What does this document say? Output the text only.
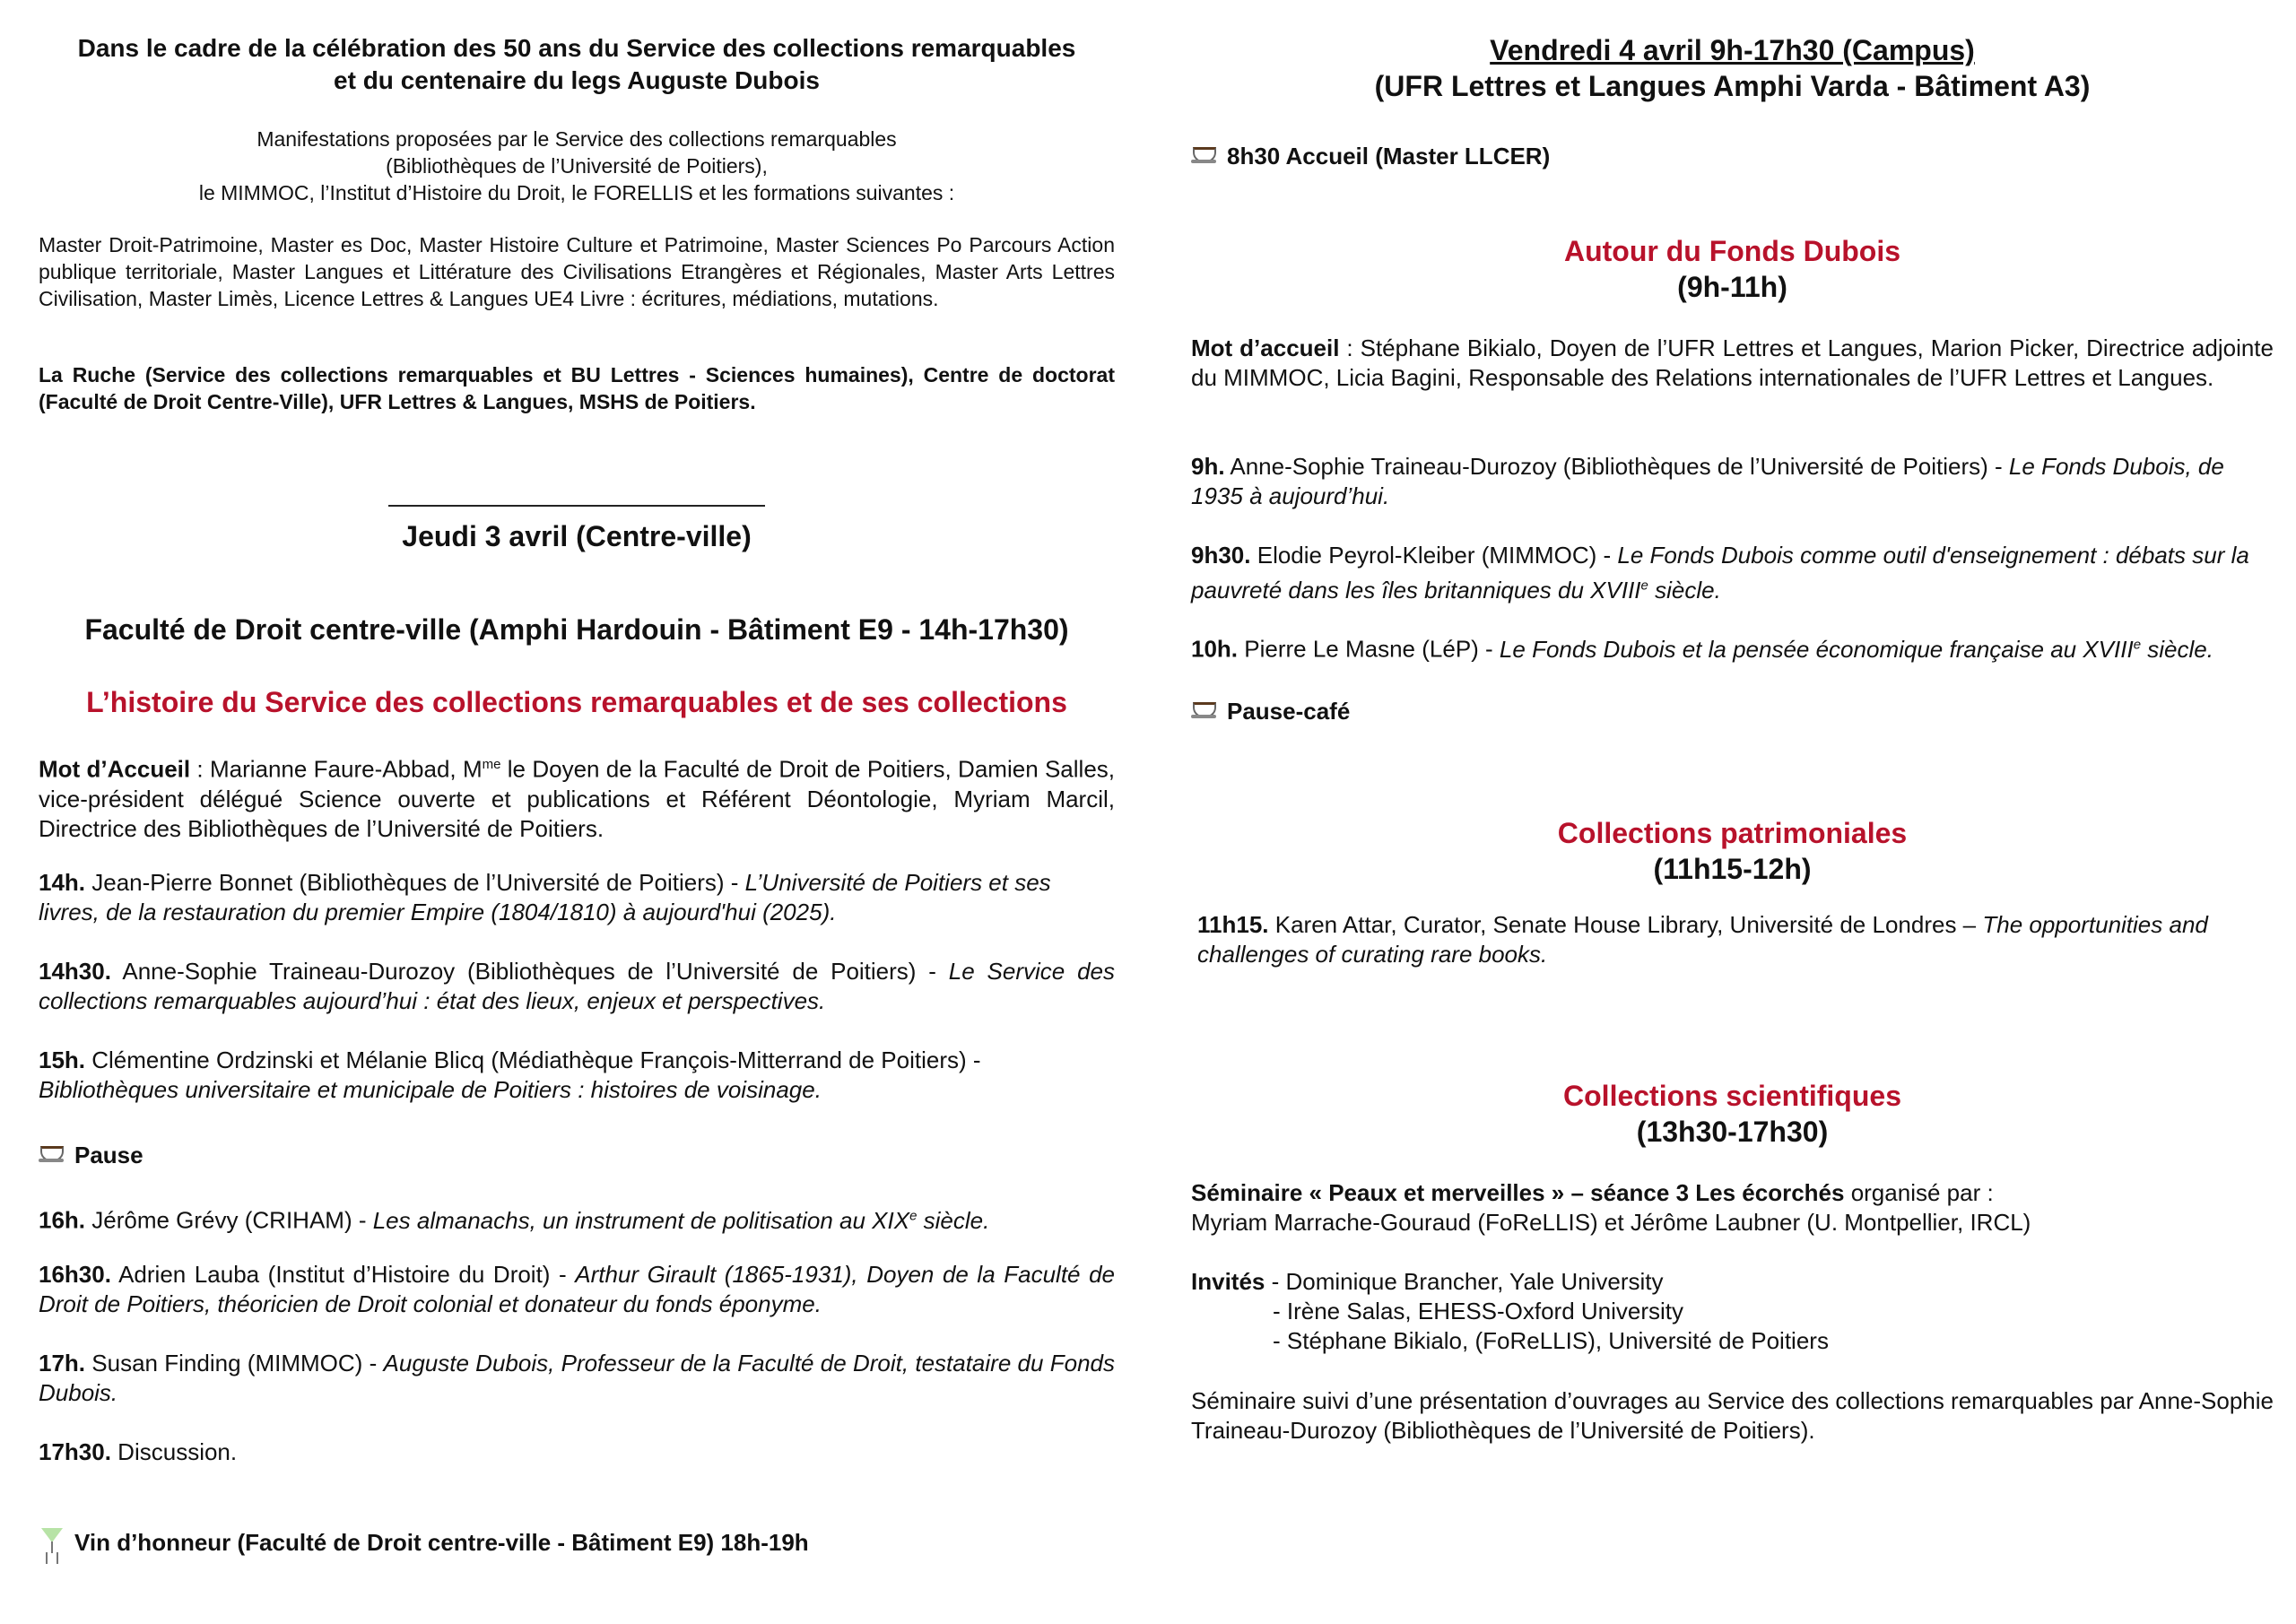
Dans le cadre de la célébration des 50 ans du Service des collections remarquables
et du centenaire du legs Auguste Dubois
Manifestations proposées par le Service des collections remarquables
(Bibliothèques de l’Université de Poitiers),
le MIMMOC, l’Institut d’Histoire du Droit, le FORELLIS et les formations suivantes :

Master Droit-Patrimoine, Master es Doc, Master Histoire Culture et Patrimoine, Master Sciences Po Parcours Action publique territoriale, Master Langues et Littérature des Civilisations Etrangères et Régionales, Master Arts Lettres Civilisation, Master Limès, Licence Lettres & Langues UE4 Livre : écritures, médiations, mutations.

La Ruche (Service des collections remarquables et BU Lettres - Sciences humaines), Centre de doctorat (Faculté de Droit Centre-Ville), UFR Lettres & Langues, MSHS de Poitiers.

Jeudi 3 avril (Centre-ville)
Faculté de Droit centre-ville (Amphi Hardouin - Bâtiment E9 - 14h-17h30)
L’histoire du Service des collections remarquables et de ses collections

Mot d’Accueil : Marianne Faure-Abbad, $M^{me}$ le Doyen de la Faculté de Droit de Poitiers, Damien Salles, vice-président délégué Science ouverte et publications et Référent Déontologie, Myriam Marcil, Directrice des Bibliothèques de l’Université de Poitiers.

14h. Jean-Pierre Bonnet (Bibliothèques de l’Université de Poitiers) - L’Université de Poitiers et ses livres, de la restauration du premier Empire (1804/1810) à aujourd'hui (2025).

14h30. Anne-Sophie Traineau-Durozoy (Bibliothèques de l’Université de Poitiers) - Le Service des collections remarquables aujourd’hui : état des lieux, enjeux et perspectives.

15h. Clémentine Ordzinski et Mélanie Blicq (Médiathèque François-Mitterrand de Poitiers) - Bibliothèques universitaire et municipale de Poitiers : histoires de voisinage.

Pause

16h. Jérôme Grévy (CRIHAM) - Les almanachs, un instrument de politisation au XIXe siècle.

16h30. Adrien Lauba (Institut d’Histoire du Droit) - Arthur Girault (1865-1931), Doyen de la Faculté de Droit de Poitiers, théoricien de Droit colonial et donateur du fonds éponyme.

17h. Susan Finding (MIMMOC) - Auguste Dubois, Professeur de la Faculté de Droit, testataire du Fonds Dubois.

17h30. Discussion.

Vin d’honneur (Faculté de Droit centre-ville - Bâtiment E9) 18h-19h
Vendredi 4 avril 9h-17h30 (Campus)
(UFR Lettres et Langues Amphi Varda - Bâtiment A3)
8h30 Accueil (Master LLCER)
Autour du Fonds Dubois
(9h-11h)

Mot d’accueil : Stéphane Bikialo, Doyen de l’UFR Lettres et Langues, Marion Picker, Directrice adjointe du MIMMOC, Licia Bagini, Responsable des Relations internationales de l’UFR Lettres et Langues.

9h. Anne-Sophie Traineau-Durozoy (Bibliothèques de l’Université de Poitiers) - Le Fonds Dubois, de 1935 à aujourd’hui.

9h30. Elodie Peyrol-Kleiber (MIMMOC) - Le Fonds Dubois comme outil d'enseignement : débats sur la pauvreté dans les îles britanniques du XVIIIe siècle.

10h. Pierre Le Masne (LéP) - Le Fonds Dubois et la pensée économique française au XVIIIe siècle.

Pause-café
Collections patrimoniales
(11h15-12h)

11h15. Karen Attar, Curator, Senate House Library, Université de Londres – The opportunities and challenges of curating rare books.

Collections scientifiques
(13h30-17h30)
Séminaire « Peaux et merveilles » – séance 3 Les écorchés organisé par :
Myriam Marrache-Gouraud (FoReLLIS) et Jérôme Laubner (U. Montpellier, IRCL)
Invités - Dominique Brancher, Yale University
- Irène Salas, EHESS-Oxford University
- Stéphane Bikialo, (FoReLLIS), Université de Poitiers

Séminaire suivi d’une présentation d’ouvrages au Service des collections remarquables par Anne-Sophie Traineau-Durozoy (Bibliothèques de l’Université de Poitiers).
